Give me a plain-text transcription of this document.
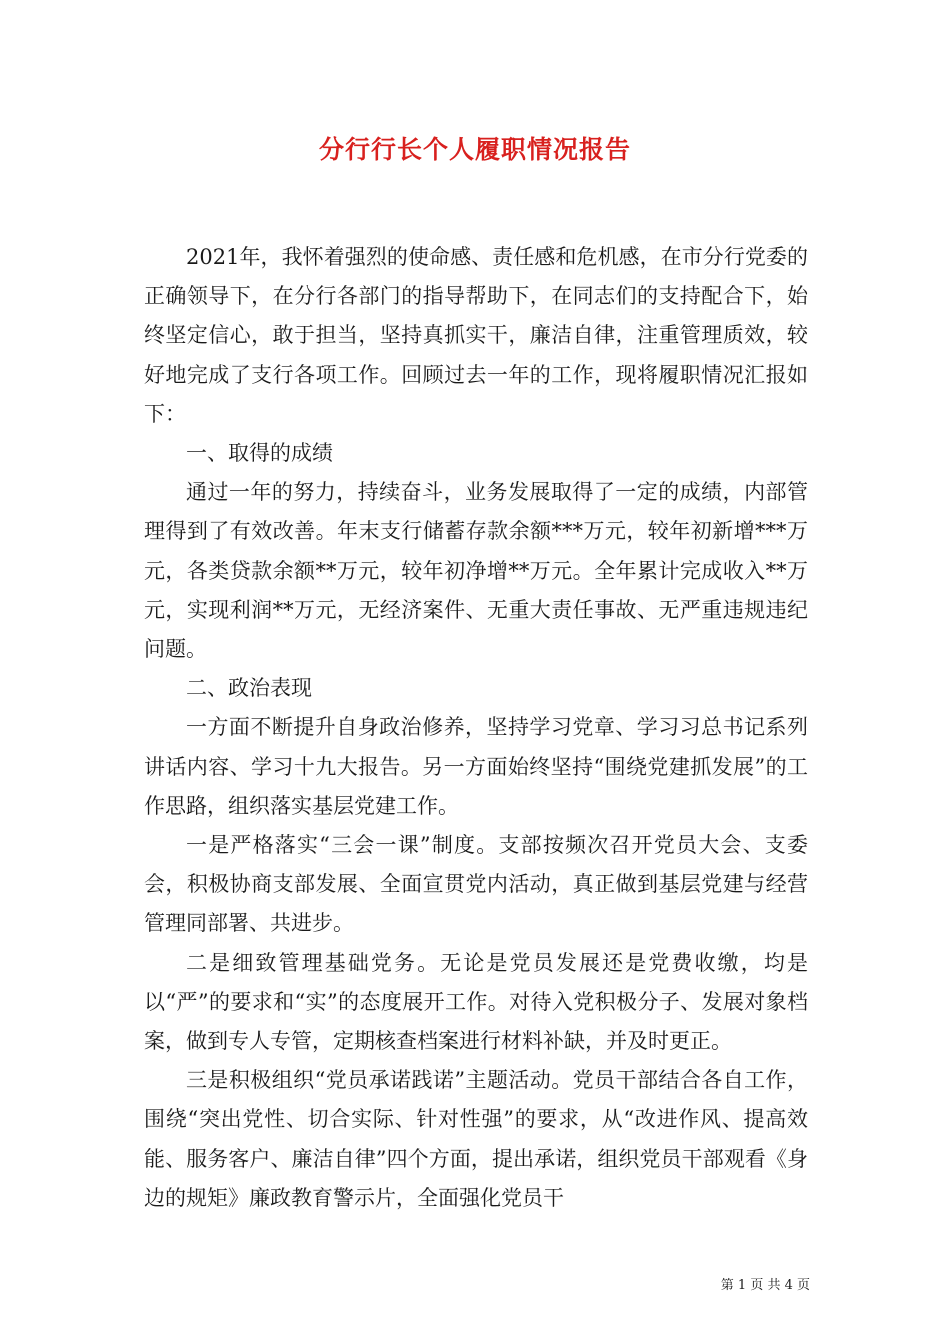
分行行长个人履职情况报告

2021年，我怀着强烈的使命感、责任感和危机感，在市分行党委的正确领导下，在分行各部门的指导帮助下，在同志们的支持配合下，始终坚定信心，敢于担当，坚持真抓实干，廉洁自律，注重管理质效，较好地完成了支行各项工作。回顾过去一年的工作，现将履职情况汇报如下：

一、取得的成绩

通过一年的努力，持续奋斗，业务发展取得了一定的成绩，内部管理得到了有效改善。年末支行储蓄存款余额***万元，较年初新增***万元，各类贷款余额**万元，较年初净增**万元。全年累计完成收入**万元，实现利润**万元，无经济案件、无重大责任事故、无严重违规违纪问题。

二、政治表现

一方面不断提升自身政治修养，坚持学习党章、学习习总书记系列讲话内容、学习十九大报告。另一方面始终坚持“围绕党建抓发展”的工作思路，组织落实基层党建工作。

一是严格落实“三会一课”制度。支部按频次召开党员大会、支委会，积极协商支部发展、全面宣贯党内活动，真正做到基层党建与经营管理同部署、共进步。

二是细致管理基础党务。无论是党员发展还是党费收缴，均是以“严”的要求和“实”的态度展开工作。对待入党积极分子、发展对象档案，做到专人专管，定期核查档案进行材料补缺，并及时更正。

三是积极组织“党员承诺践诺”主题活动。党员干部结合各自工作，围绕“突出党性、切合实际、针对性强”的要求，从“改进作风、提高效能、服务客户、廉洁自律”四个方面，提出承诺，组织党员干部观看《身边的规矩》廉政教育警示片，全面强化党员干

第 1 页 共 4 页
